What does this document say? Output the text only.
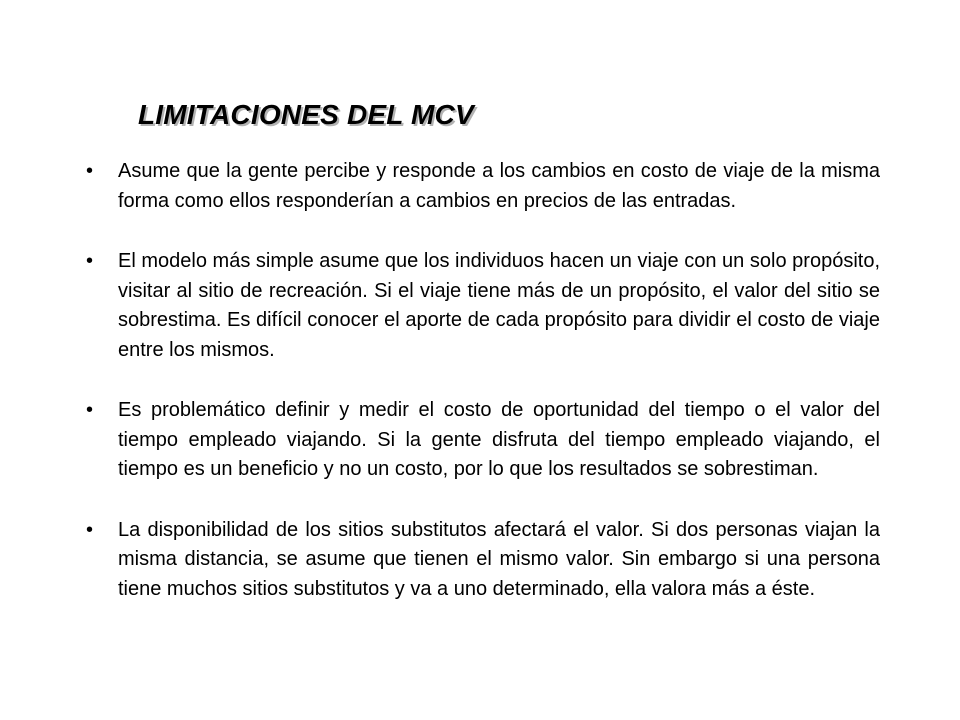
LIMITACIONES DEL MCV
•	Asume que la gente percibe y responde a los cambios en costo de viaje de la misma forma como ellos responderían a cambios en precios de las entradas.
•	El modelo más simple asume que los individuos hacen un viaje con un solo propósito, visitar al sitio de recreación. Si el viaje tiene más de un propósito, el valor del sitio se sobrestima. Es difícil conocer el aporte de cada propósito para dividir el costo de viaje entre los mismos.
•	Es problemático definir y medir el costo de oportunidad del tiempo o el valor del tiempo empleado viajando. Si la gente disfruta del tiempo empleado viajando, el tiempo es un beneficio y no un costo, por lo que los resultados se sobrestiman.
•	La disponibilidad de los sitios substitutos afectará el valor. Si dos personas viajan la misma distancia, se asume que tienen el mismo valor. Sin embargo si una persona tiene muchos sitios substitutos y va a uno determinado, ella valora más a éste.
